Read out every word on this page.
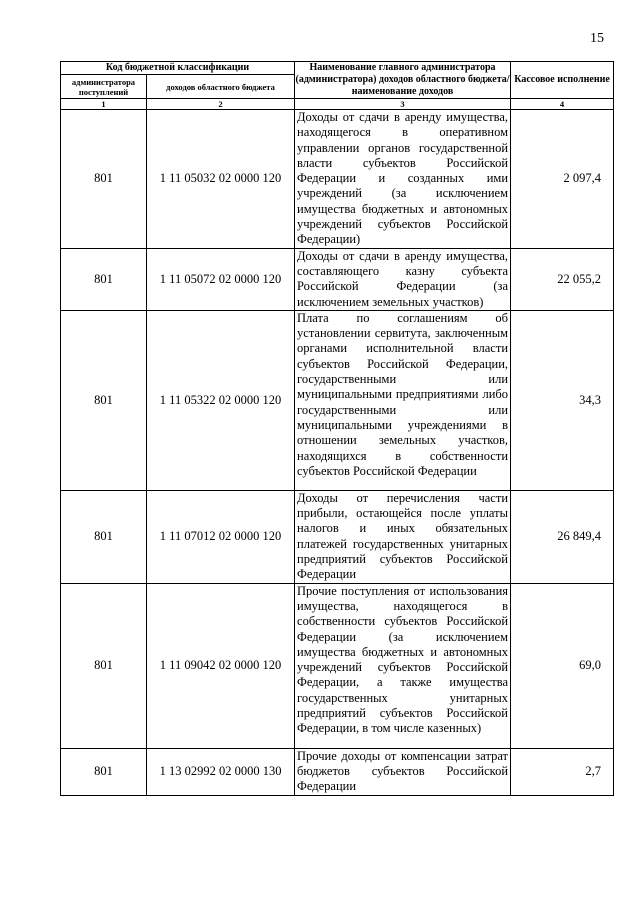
15
Код бюджетной классификации		Наименование главного администратора (администратора) доходов областного бюджета/ наименование доходов	Кассовое исполнение
администратора поступлений	доходов областного бюджета		
1	2	3	4
801	1 11 05032 02 0000 120	Доходы от сдачи в аренду имущества, находящегося в оперативном управлении органов государственной власти субъектов Российской Федерации и созданных ими учреждений (за исключением имущества бюджетных и автономных учреждений субъектов Российской Федерации)	2 097,4
801	1 11 05072 02 0000 120	Доходы от сдачи в аренду имущества, составляющего казну субъекта Российской Федерации (за исключением земельных участков)	22 055,2
801	1 11 05322 02 0000 120	Плата по соглашениям об установлении сервитута, заключенным органами исполнительной власти субъектов Российской Федерации, государственными или муниципальными предприятиями либо государственными или муниципальными учреждениями в отношении земельных участков, находящихся в собственности субъектов Российской Федерации	34,3
801	1 11 07012 02 0000 120	Доходы от перечисления части прибыли, остающейся после уплаты налогов и иных обязательных платежей государственных унитарных предприятий субъектов Российской Федерации	26 849,4
801	1 11 09042 02 0000 120	Прочие поступления от использования имущества, находящегося в собственности субъектов Российской Федерации (за исключением имущества бюджетных и автономных учреждений субъектов Российской Федерации, а также имущества государственных унитарных предприятий субъектов Российской Федерации, в том числе казенных)	69,0
801	1 13 02992 02 0000 130	Прочие доходы от компенсации затрат бюджетов субъектов Российской Федерации	2,7
